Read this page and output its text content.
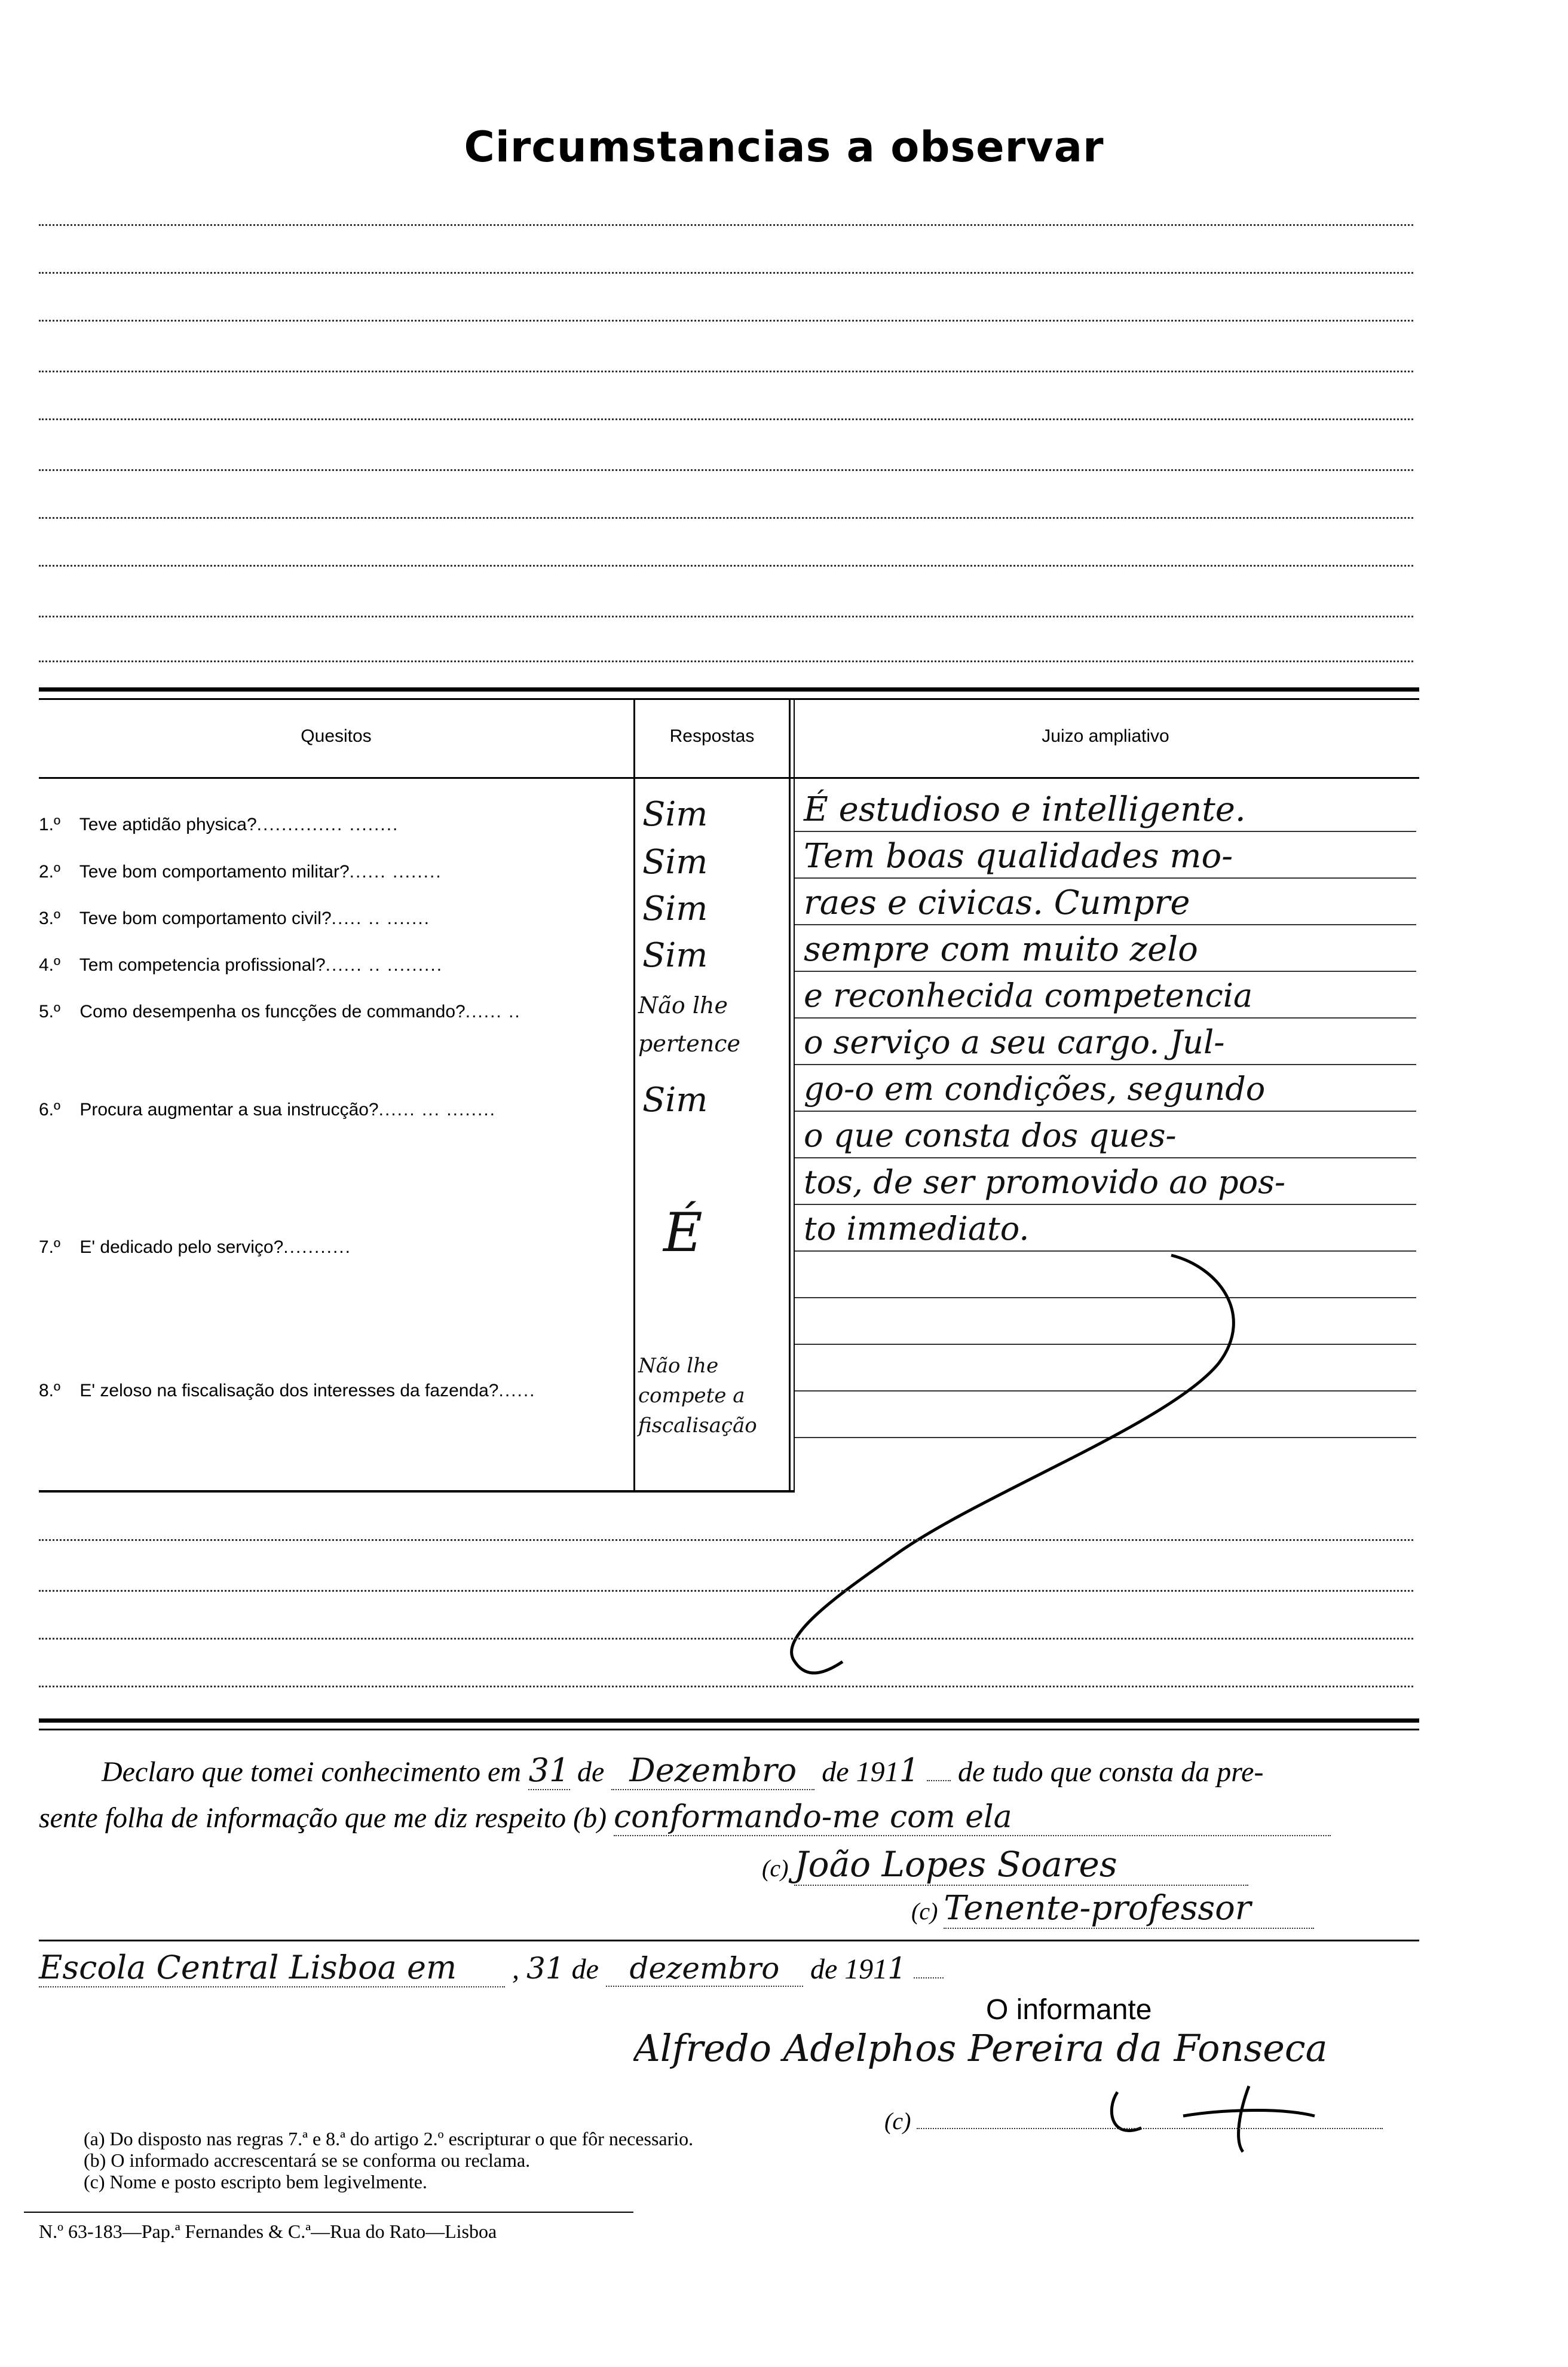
Circumstancias a observar
Quesitos	Respostas	Juizo ampliativo
1.º Teve aptidão physica?.............. ........
2.º Teve bom comportamento militar?...... ........
3.º Teve bom comportamento civil?..... .. .......
4.º Tem competencia profissional?...... .. .........
5.º Como desempenha os funcções de commando?...... ..
6.º Procura augmentar a sua instrucção?...... ... ........
7.º E' dedicado pelo serviço?...........
8.º E' zeloso na fiscalisação dos interesses da fazenda?......
Sim
Sim
Sim
Sim
Não lhe pertence
Sim
É
Não lhe compete a fiscalisação
É estudioso e intelligente.
Tem boas qualidades mo-
raes e civicas. Cumpre
sempre com muito zelo
e reconhecida competencia
o serviço a seu cargo. Jul-
go-o em condições, segundo
o que consta dos ques-
tos, de ser promovido ao pos-
to immediato.
Declaro que tomei conhecimento em 31 de Dezembro de 1911 de tudo que consta da pre-
sente folha de informação que me diz respeito (b) conformando-me com ela
(c) João Lopes Soares
(c) Tenente-professor
Escola Central Lisboa em , 31 de dezembro de 1911
O informante
Alfredo Adelphos Pereira da Fonseca
(c)
(a) Do disposto nas regras 7.ª e 8.ª do artigo 2.º escripturar o que fôr necessario.
(b) O informado accrescentará se se conforma ou reclama.
(c) Nome e posto escripto bem legivelmente.
N.º 63-183—Pap.ª Fernandes & C.ª—Rua do Rato—Lisboa
